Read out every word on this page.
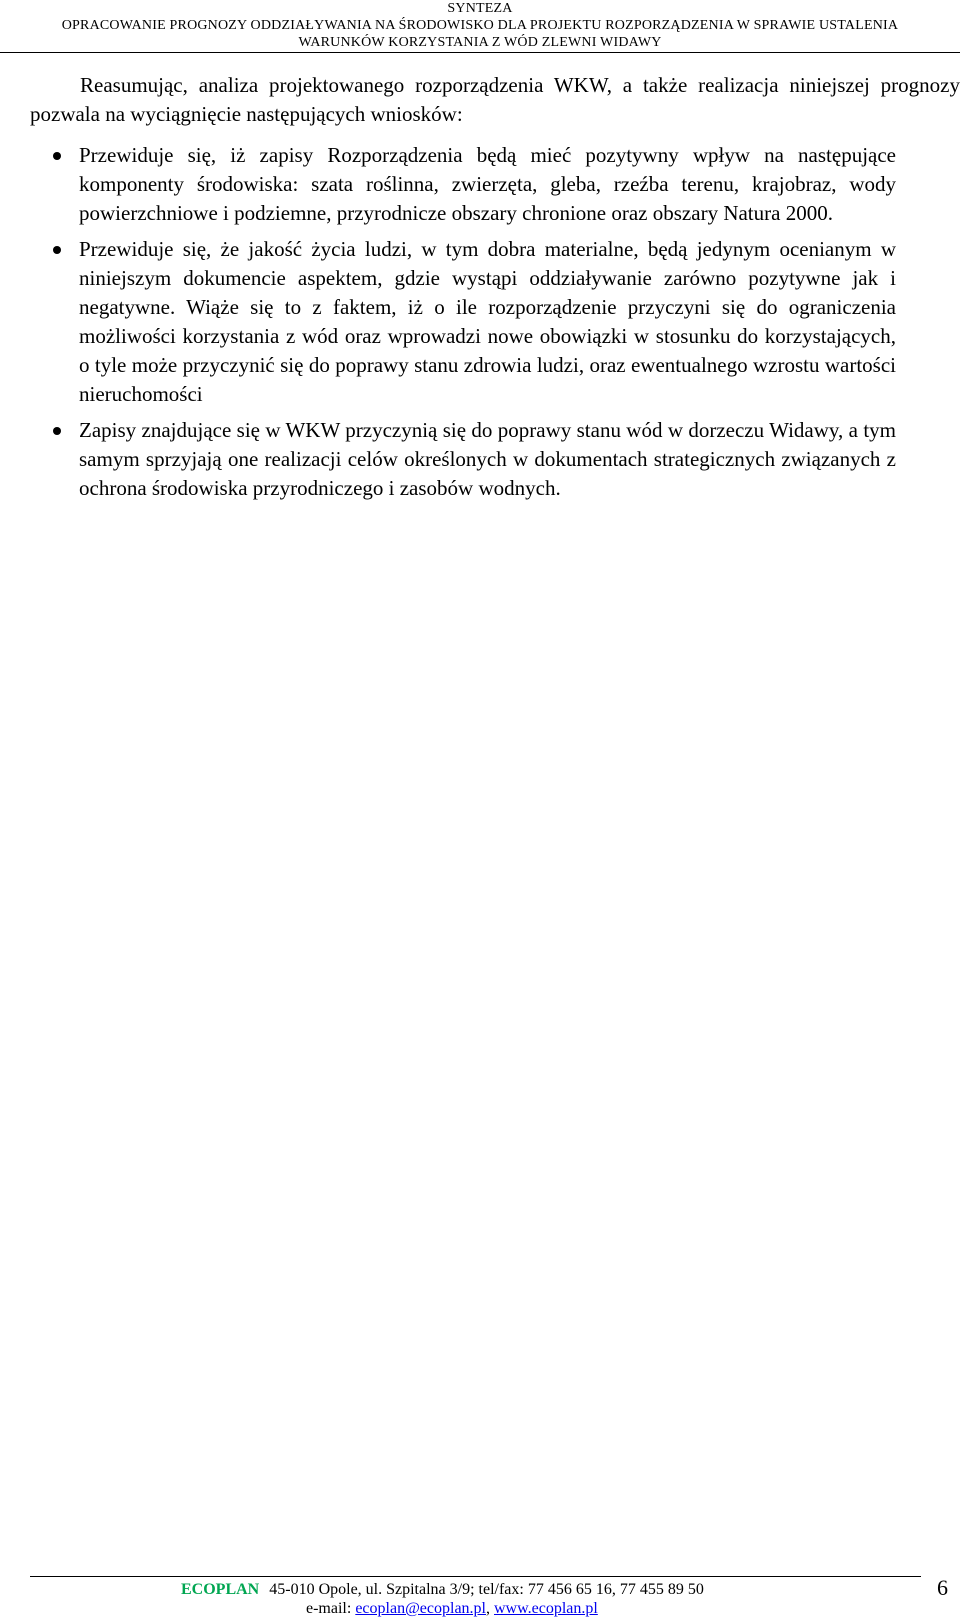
SYNTEZA
OPRACOWANIE PROGNOZY ODDZIAŁYWANIA NA ŚRODOWISKO DLA PROJEKTU ROZPORZĄDZENIA W SPRAWIE USTALENIA
WARUNKÓW KORZYSTANIA Z WÓD ZLEWNI WIDAWY

Reasumując, analiza projektowanego rozporządzenia WKW, a także realizacja niniejszej prognozy pozwala na wyciągnięcie następujących wniosków:

Przewiduje się, iż zapisy Rozporządzenia będą mieć pozytywny wpływ na następujące komponenty środowiska: szata roślinna, zwierzęta, gleba, rzeźba terenu, krajobraz, wody powierzchniowe i podziemne, przyrodnicze obszary chronione oraz obszary Natura 2000.
Przewiduje się, że jakość życia ludzi, w tym dobra materialne, będą jedynym ocenianym w niniejszym dokumencie aspektem, gdzie wystąpi oddziaływanie zarówno pozytywne jak i negatywne. Wiąże się to z faktem, iż o ile rozporządzenie przyczyni się do ograniczenia możliwości korzystania z wód oraz wprowadzi nowe obowiązki w stosunku do korzystających, o tyle może przyczynić się do poprawy stanu zdrowia ludzi, oraz ewentualnego wzrostu wartości nieruchomości
Zapisy znajdujące się w WKW przyczynią się do poprawy stanu wód w dorzeczu Widawy, a tym samym sprzyjają one realizacji celów określonych w dokumentach strategicznych związanych z ochrona środowiska przyrodniczego i zasobów wodnych.
ECOPLAN 45-010 Opole, ul. Szpitalna 3/9; tel/fax: 77 456 65 16, 77 455 89 50
e-mail: ecoplan@ecoplan.pl, www.ecoplan.pl
6
